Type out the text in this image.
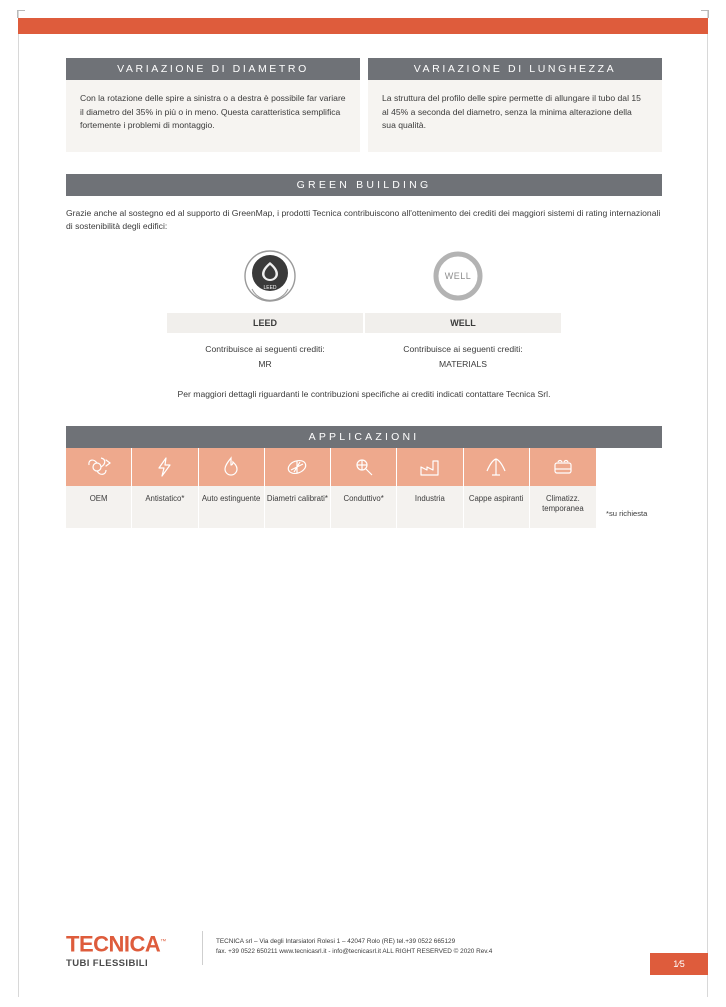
VARIAZIONE DI DIAMETRO

Con la rotazione delle spire a sinistra o a destra è possibile far variare il diametro del 35% in più o in meno. Questa caratteristica semplifica fortemente i problemi di montaggio.

VARIAZIONE DI LUNGHEZZA

La struttura del profilo delle spire permette di allungare il tubo dal 15 al 45% a seconda del diametro, senza la minima alterazione della sua qualità.

GREEN BUILDING
Grazie anche al sostegno ed al supporto di GreenMap, i prodotti Tecnica contribuiscono all'ottenimento dei crediti dei maggiori sistemi di rating internazionali di sostenibilità degli edifici:
LEED
WELL
LEED	WELL
Contribuisce ai seguenti crediti:
MR
Contribuisce ai seguenti crediti:
MATERIALS
Per maggiori dettagli riguardanti le contribuzioni specifiche ai crediti indicati contattare Tecnica Srl.
APPLICAZIONI
OEM	Antistatico*	Auto estinguente Diametri calibrati*	Conduttivo*	Industria	Cappe aspiranti	Climatizz. temporanea
*su richiesta
TECNICA™
TUBI FLESSIBILI
TECNICA srl – Via degli Intarsiatori Rolesi 1 – 42047 Rolo (RE) tel.+39 0522 665129
fax. +39 0522 650211 www.tecnicasrl.it - info@tecnicasrl.it ALL RIGHT RESERVED © 2020 Rev.4
1⁄5
